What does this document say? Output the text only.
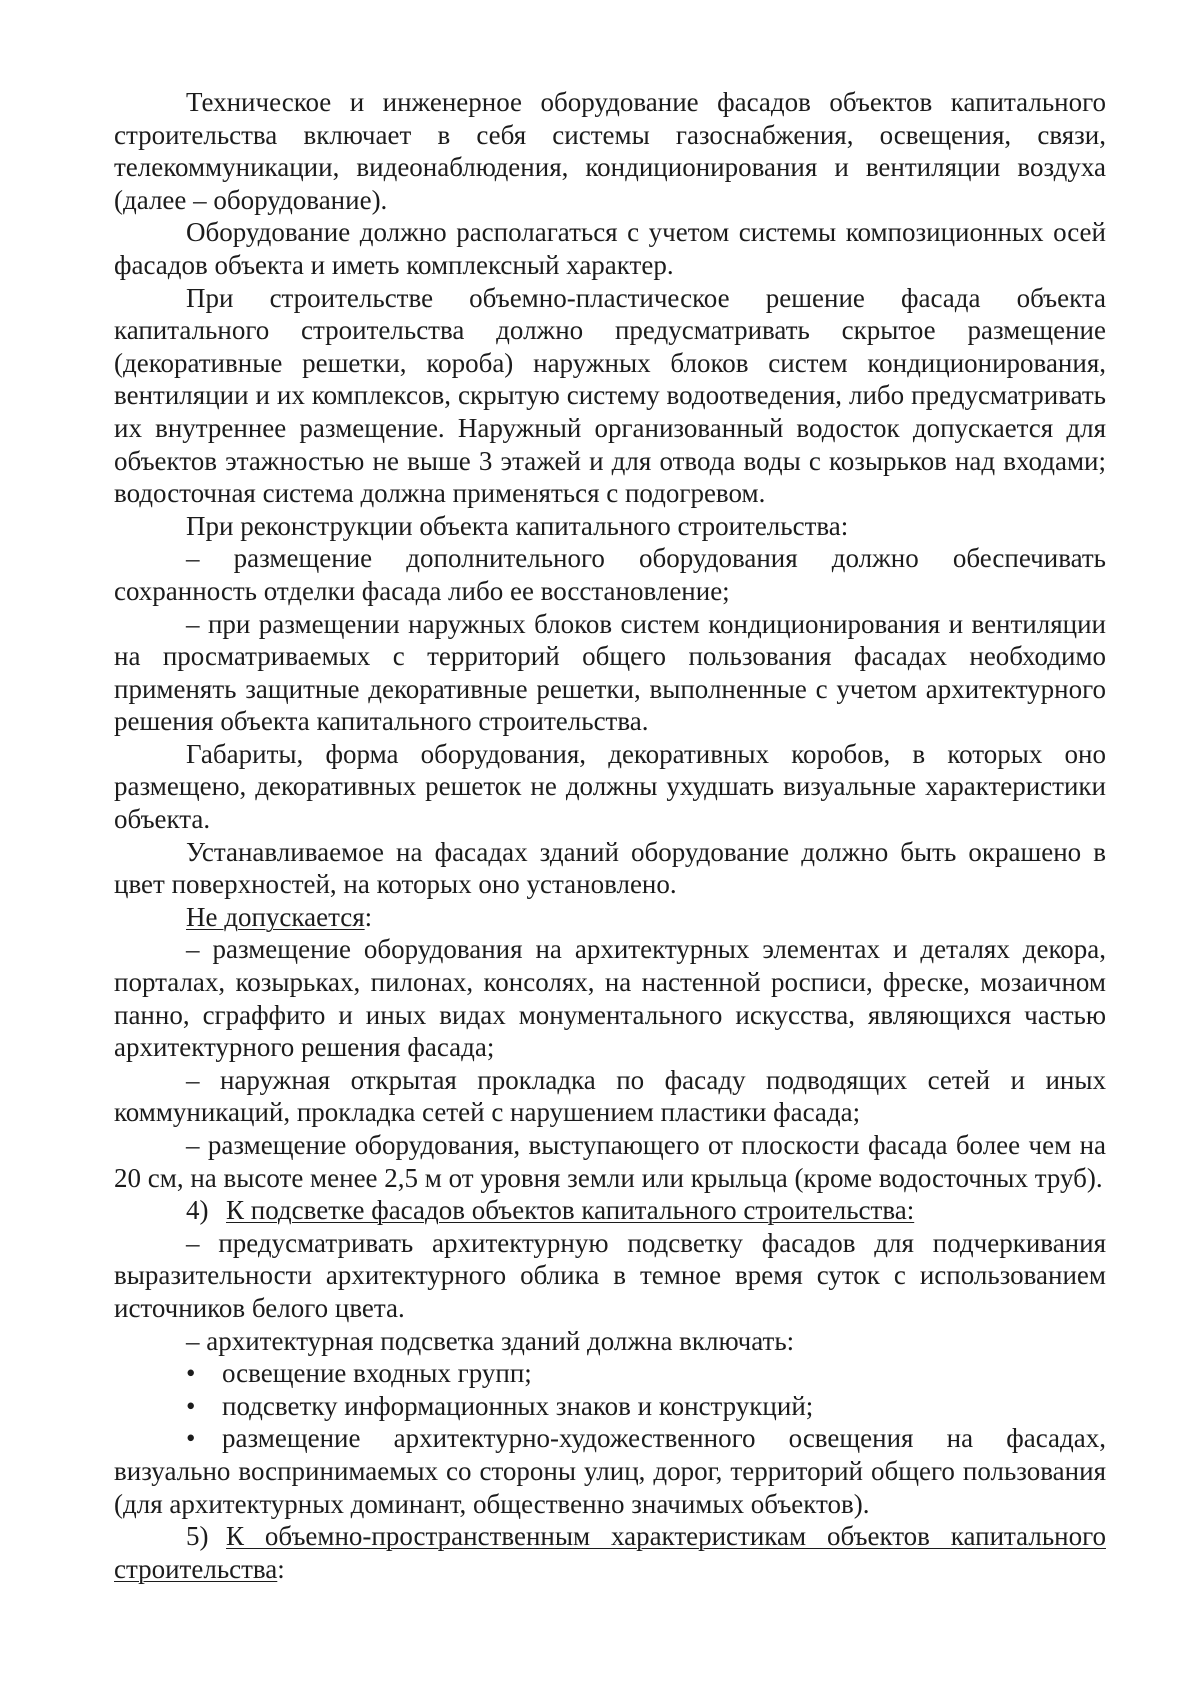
Техническое и инженерное оборудование фасадов объектов капитального строительства включает в себя системы газоснабжения, освещения, связи, телекоммуникации, видеонаблюдения, кондиционирования и вентиляции воздуха (далее – оборудование).

Оборудование должно располагаться с учетом системы композиционных осей фасадов объекта и иметь комплексный характер.

При строительстве объемно-пластическое решение фасада объекта капитального строительства должно предусматривать скрытое размещение (декоративные решетки, короба) наружных блоков систем кондиционирования, вентиляции и их комплексов, скрытую систему водоотведения, либо предусматривать их внутреннее размещение. Наружный организованный водосток допускается для объектов этажностью не выше 3 этажей и для отвода воды с козырьков над входами; водосточная система должна применяться с подогревом.

При реконструкции объекта капитального строительства:

– размещение дополнительного оборудования должно обеспечивать сохранность отделки фасада либо ее восстановление;

– при размещении наружных блоков систем кондиционирования и вентиляции на просматриваемых с территорий общего пользования фасадах необходимо применять защитные декоративные решетки, выполненные с учетом архитектурного решения объекта капитального строительства.

Габариты, форма оборудования, декоративных коробов, в которых оно размещено, декоративных решеток не должны ухудшать визуальные характеристики объекта.

Устанавливаемое на фасадах зданий оборудование должно быть окрашено в цвет поверхностей, на которых оно установлено.

Не допускается:

– размещение оборудования на архитектурных элементах и деталях декора, порталах, козырьках, пилонах, консолях, на настенной росписи, фреске, мозаичном панно, сграффито и иных видах монументального искусства, являющихся частью архитектурного решения фасада;

– наружная открытая прокладка по фасаду подводящих сетей и иных коммуникаций, прокладка сетей с нарушением пластики фасада;

– размещение оборудования, выступающего от плоскости фасада более чем на 20 см, на высоте менее 2,5 м от уровня земли или крыльца (кроме водосточных труб).

4) К подсветке фасадов объектов капитального строительства:

– предусматривать архитектурную подсветку фасадов для подчеркивания выразительности архитектурного облика в темное время суток с использованием источников белого цвета.

– архитектурная подсветка зданий должна включать:

• освещение входных групп;

• подсветку информационных знаков и конструкций;

• размещение архитектурно-художественного освещения на фасадах, визуально воспринимаемых со стороны улиц, дорог, территорий общего пользования (для архитектурных доминант, общественно значимых объектов).

5) К объемно-пространственным характеристикам объектов капитального строительства:
